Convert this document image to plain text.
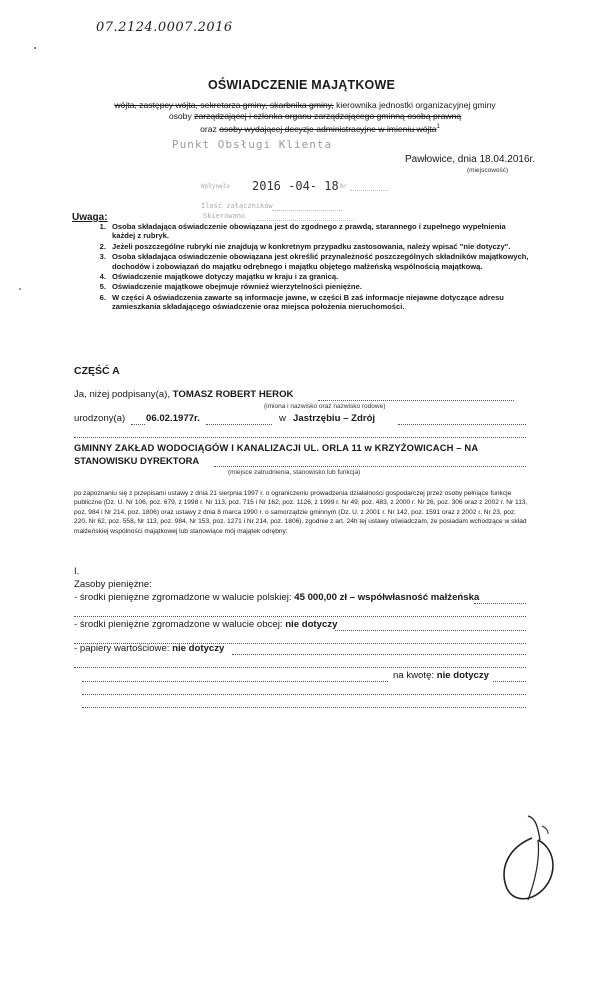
07.2124.0007.2016
OŚWIADCZENIE MAJĄTKOWE
wójta, zastępcy wójta, sekretarza gminy, skarbnika gminy, kierownika jednostki organizacyjnej gminy
osoby zarządzającej i członka organu zarządzającego gminną osobą prawną
oraz osoby wydającej decyzje administracyjne w imieniu wójta$^1$
Punkt Obsługi Klienta
Wpłynęło 2016 -04- 18 Nr
Ilość załączników
Skierowano
Pawłowice, dnia 18.04.2016r.
(miejscowość)
Uwaga:
1. Osoba składająca oświadczenie obowiązana jest do zgodnego z prawdą, starannego i zupełnego wypełnienia każdej z rubryk.
2. Jeżeli poszczególne rubryki nie znajdują w konkretnym przypadku zastosowania, należy wpisać "nie dotyczy".
3. Osoba składająca oświadczenie obowiązana jest określić przynależność poszczególnych składników majątkowych, dochodów i zobowiązań do majątku odrębnego i majątku objętego małżeńską wspólnością majątkową.
4. Oświadczenie majątkowe dotyczy majątku w kraju i za granicą.
5. Oświadczenie majątkowe obejmuje również wierzytelności pieniężne.
6. W części A oświadczenia zawarte są informacje jawne, w części B zaś informacje niejawne dotyczące adresu zamieszkania składającego oświadczenie oraz miejsca położenia nieruchomości.
CZĘŚĆ A
Ja, niżej podpisany(a), TOMASZ ROBERT HEROK
(imiona i nazwisko oraz nazwisko rodowe)
urodzony(a) 06.02.1977r.	w Jastrzębiu – Zdrój
GMINNY ZAKŁAD WODOCIĄGÓW I KANALIZACJI UL. ORLA 11 w KRZYŻOWICACH – NA
STANOWISKU DYREKTORA
(miejsce zatrudnienia, stanowisko lub funkcja)
po zapoznaniu się z przepisami ustawy z dnia 21 sierpnia 1997 r. o ograniczeniu prowadzenia działalności gospodarczej przez osoby pełniące funkcje publiczne (Dz. U. Nr 106, poz. 679, z 1998 r. Nr 113, poz. 715 i Nr 162, poz. 1126, z 1999 r. Nr 49, poz. 483, z 2000 r. Nr 26, poz. 306 oraz z 2002 r. Nr 113, poz. 984 i Nr 214, poz. 1806) oraz ustawy z dnia 8 marca 1990 r. o samorządzie gminnym (Dz. U. z 2001 r. Nr 142, poz. 1591 oraz z 2002 r. Nr 23, poz. 220, Nr 62, poz. 558, Nr 113, poz. 984, Nr 153, poz. 1271 i Nr 214, poz. 1806), zgodnie z art. 24h tej ustawy oświadczam, że posiadam wchodzące w skład małżeńskiej wspólności majątkowej lub stanowiące mój majątek odrębny:
I.
Zasoby pieniężne:
- środki pieniężne zgromadzone w walucie polskiej: 45 000,00 zł – współwłasność małżeńska
- środki pieniężne zgromadzone w walucie obcej: nie dotyczy
- papiery wartościowe: nie dotyczy
na kwotę: nie dotyczy
